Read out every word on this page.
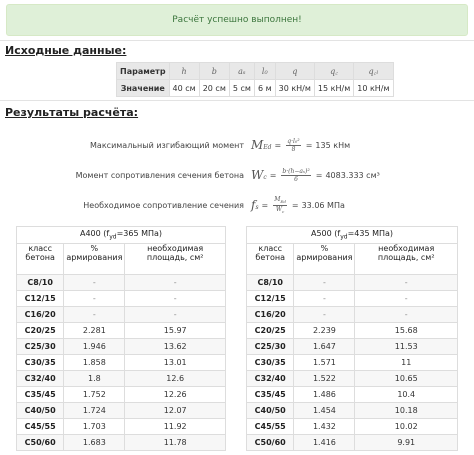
Расчёт успешно выполнен!
Исходные данные:
Параметр	h	b	aₛ	l₀	q	q꜀	q꜀ₗ
Значение	40 см	20 см	5 см	6 м	30 кН/м	15 кН/м	10 кН/м
Результаты расчёта:
Максимальный изгибающий момент M $Ed = \frac{\text{q·l₀²}}{8} = 135$
кНм
Момент сопротивления сечения бетона W $c = \frac{\text{b·(h−aₛ)²}}{6} = 4083.333$
см³
Необходимое сопротивление сечения f $s = \frac{M_{Ed}}{W_c} = 33.06$
МПа
A400 ($f_{yd}=365$ МПа)		
класс бетона	% армирования	необходимая площадь, см²
C8/10	-	-
C12/15	-	-
C16/20	-	-
C20/25	2.281	15.97
C25/30	1.946	13.62
C30/35	1.858	13.01
C32/40	1.8	12.6
C35/45	1.752	12.26
C40/50	1.724	12.07
C45/55	1.703	11.92
C50/60	1.683	11.78
A500 ($f_{yd}=435$ МПа)		
класс бетона	% армирования	необходимая площадь, см²
C8/10	-	-
C12/15	-	-
C16/20	-	-
C20/25	2.239	15.68
C25/30	1.647	11.53
C30/35	1.571	11
C32/40	1.522	10.65
C35/45	1.486	10.4
C40/50	1.454	10.18
C45/55	1.432	10.02
C50/60	1.416	9.91
